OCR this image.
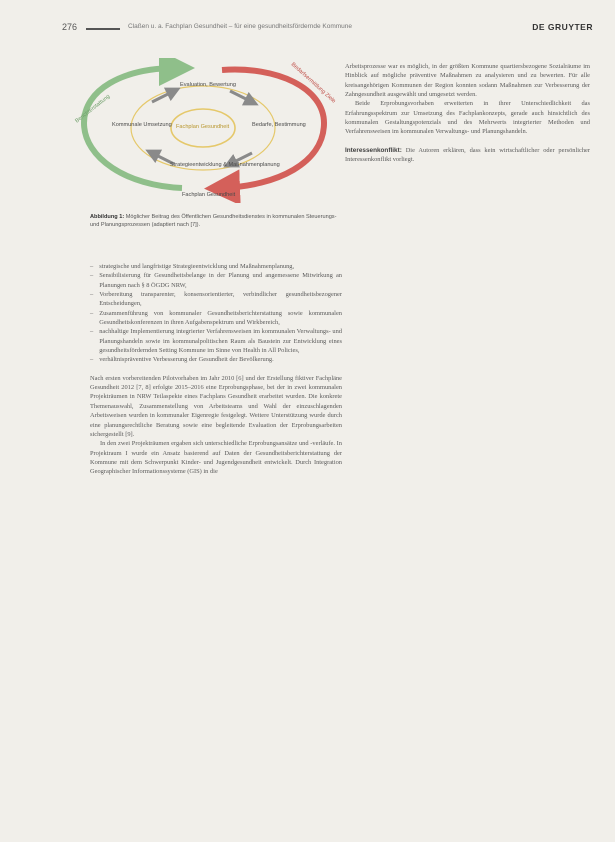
276	Claßen u. a. Fachplan Gesundheit – für eine gesundheitsfördernde Kommune	DE GRUYTER
Evaluation, Bewertung
Kommunale Umsetzung	Bedarfe, Bestimmung
Strategieentwicklung & Maßnahmenplanung
Fachplan Gesundheit
Fachplan Gesundheit
Berichterstattung
Bedarfsermittlung Ziele
Abbildung 1: Möglicher Beitrag des Öffentlichen Gesundheitsdienstes in kommunalen Steuerungs- und Planungsprozessen (adaptiert nach [7]).
– strategische und langfristige Strategieentwicklung und Maßnahmenplanung,
– Sensibilisierung für Gesundheitsbelange in der Planung und angemessene Mitwirkung an Planungen nach § 8 ÖGDG NRW,
– Vorbereitung transparenter, konsensorientierter, verbindlicher gesundheitsbezogener Entscheidungen,
– Zusammenführung von kommunaler Gesundheitsberichterstattung sowie kommunalen Gesundheitskonferenzen in ihren Aufgabenspektrum und Wirkbereich,
– nachhaltige Implementierung integrierter Verfahrensweisen im kommunalen Verwaltungs- und Planungshandeln sowie im kommunalpolitischen Raum als Baustein zur Entwicklung eines gesundheitsfördernden Setting Kommune im Sinne von Health in All Policies,
– verhältnispräventive Verbesserung der Gesundheit der Bevölkerung.
Nach ersten vorbereitenden Pilotvorhaben im Jahr 2010 [6] und der Erstellung fiktiver Fachpläne Gesundheit 2012 [7, 8] erfolgte 2015–2016 eine Erprobungsphase, bei der in zwei kommunalen Projekträumen in NRW Teilaspekte eines Fachplans Gesundheit erarbeitet wurden. Die konkrete Themenauswahl, Zusammenstellung von Arbeitsteams und Wahl der einzuschlagenden Arbeitsweisen wurden in kommunaler Eigenregie festgelegt. Weitere Unterstützung wurde durch eine planungsrechtliche Beratung sowie eine begleitende Evaluation der Erprobungsarbeiten sichergestellt [9].
In den zwei Projekträumen ergaben sich unterschiedliche Erprobungsansätze und -verläufe. In Projektraum I wurde ein Ansatz basierend auf Daten der Gesundheitsberichterstattung der Kommune mit dem Schwerpunkt Kinder- und Jugendgesundheit entwickelt. Durch Integration Geographischer Informationssysteme (GIS) in die
Arbeitsprozesse war es möglich, in der größten Kommune quartiersbezogene Sozialräume im Hinblick auf mögliche präventive Maßnahmen zu analysieren und zu bewerten. Für alle kreisangehörigen Kommunen der Region konnten sodann Maßnahmen zur Verbesserung der Zahngesundheit ausgewählt und umgesetzt werden.
Beide Erprobungsvorhaben erweiterten in ihrer Unterschiedlichkeit das Erfahrungsspektrum zur Umsetzung des Fachplankonzepts, gerade auch hinsichtlich des kommunalen Gestaltungspotenzials und des Mehrwerts integrierter Methoden und Verfahrensweisen im kommunalen Verwaltungs- und Planungshandeln.
Interessenkonflikt: Die Autoren erklären, dass kein wirtschaftlicher oder persönlicher Interessenkonflikt vorliegt.
